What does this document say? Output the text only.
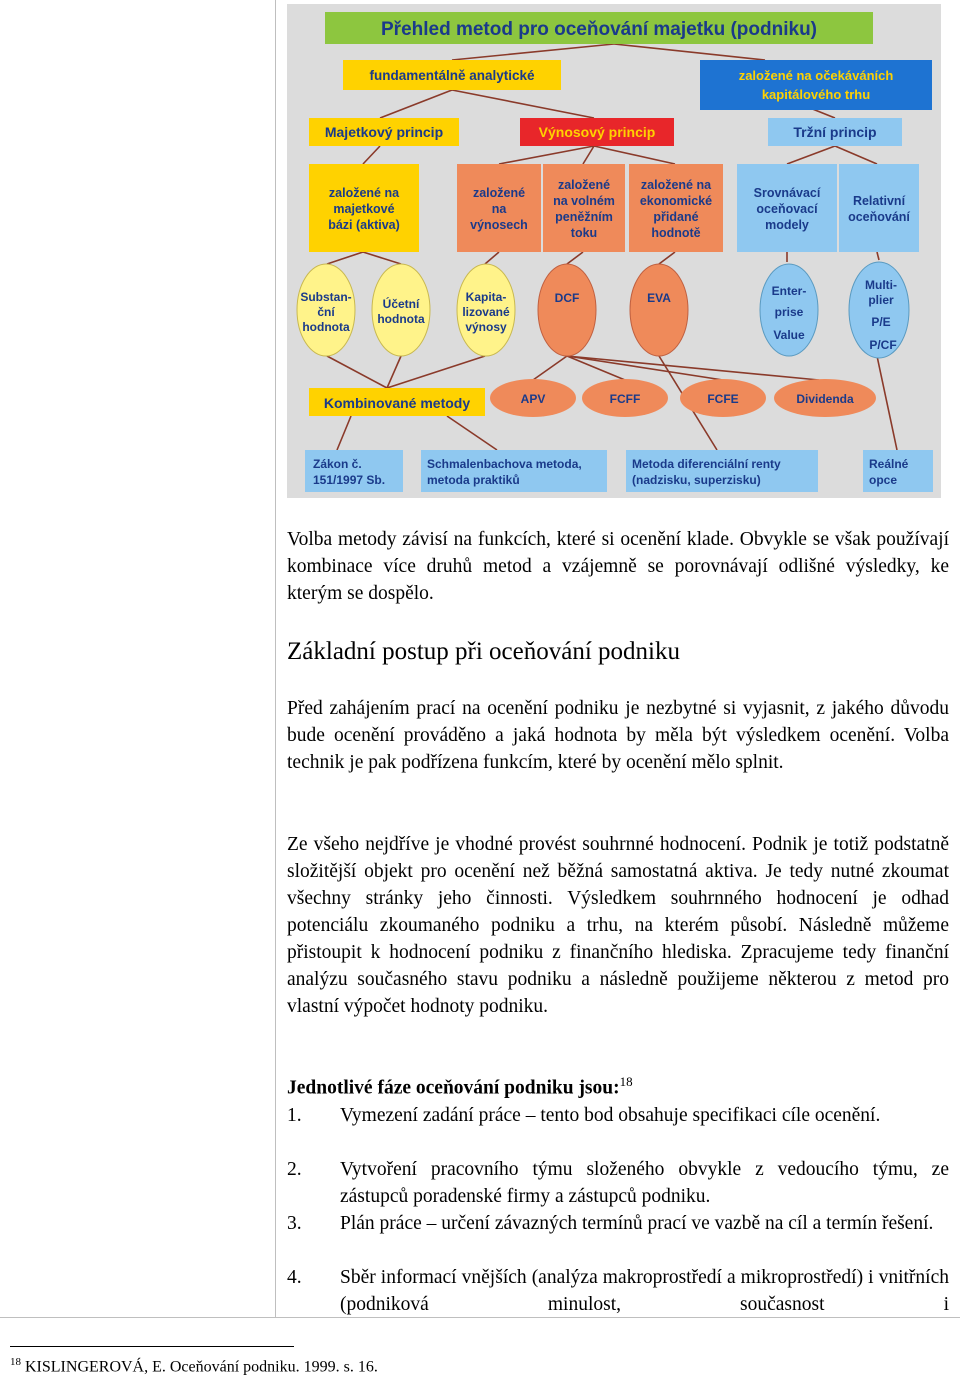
Přehled metod pro oceňování majetku (podniku)
fundamentálně analytické	založené na očekáváních
kapitálového trhu
Majetkový princip	Výnosový princip	Tržní princip
založené na
majetkové
bázi (aktiva)
založené
na
výnosech
založené
na volném
peněžním
toku
založené na
ekonomické
přidané
hodnotě
Srovnávací
oceňovací
modely
Relativní
oceňování
Substan-
ční
hodnota
Účetní
hodnota
Kapita-
lizované
výnosy
DCF	EVA	Enter-
prise
Value
Multi-
plier
P/E
P/CF
Kombinované metody	APV	FCFF	FCFE	Dividenda
Zákon č.
151/1997 Sb.
Schmalenbachova metoda,
metoda praktiků
Metoda diferenciální renty
(nadzisku, superzisku)
Reálné
opce
Volba metody závisí na funkcích, které si ocenění klade. Obvykle se však používají kombinace více druhů metod a vzájemně se porovnávají odlišné výsledky, ke kterým se dospělo.
Základní postup při oceňování podniku
Před zahájením prací na ocenění podniku je nezbytné si vyjasnit, z jakého důvodu bude ocenění prováděno a jaká hodnota by měla být výsledkem ocenění. Volba technik je pak podřízena funkcím, které by ocenění mělo splnit.
Ze všeho nejdříve je vhodné provést souhrnné hodnocení. Podnik je totiž podstatně složitější objekt pro ocenění než běžná samostatná aktiva. Je tedy nutné zkoumat všechny stránky jeho činnosti. Výsledkem souhrnného hodnocení je odhad potenciálu zkoumaného podniku a trhu, na kterém působí. Následně můžeme přistoupit k hodnocení podniku z finančního hlediska. Zpracujeme tedy finanční analýzu současného stavu podniku a následně použijeme některou z metod pro vlastní výpočet hodnoty podniku.
Jednotlivé fáze oceňování podniku jsou:$^{18}$
1. Vymezení zadání práce – tento bod obsahuje specifikaci cíle ocenění.
2. Vytvoření pracovního týmu složeného obvykle z vedoucího týmu, ze zástupců poradenské firmy a zástupců podniku.
3. Plán práce – určení závazných termínů prací ve vazbě na cíl a termín řešení.
4. Sběr informací vnějších (analýza makroprostředí a mikroprostředí) i vnitřních (podniková minulost, současnost i
$^{18}$ KISLINGEROVÁ, E. Oceňování podniku. 1999. s. 16.
